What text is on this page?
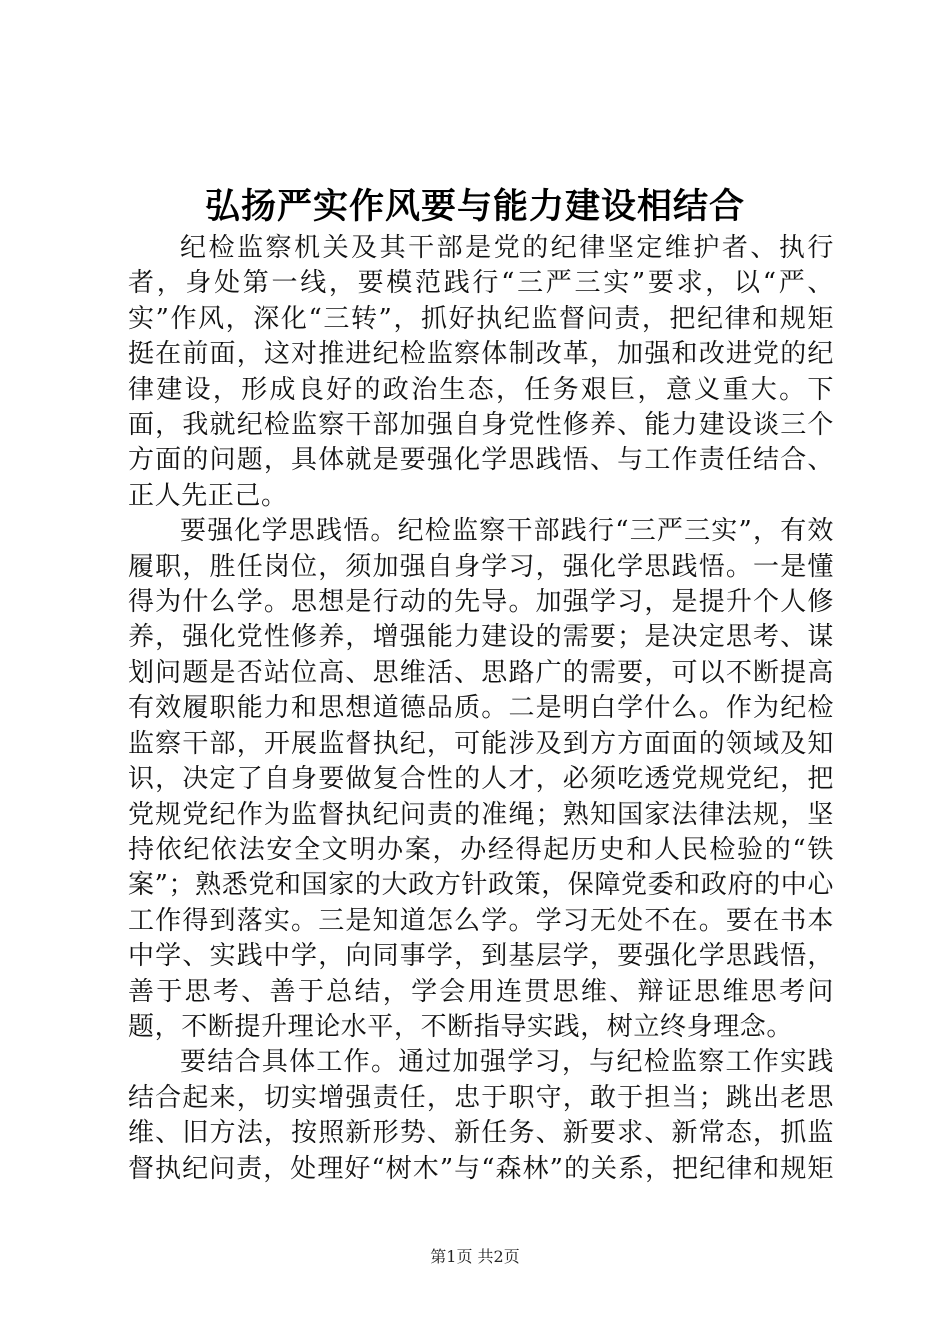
弘扬严实作风要与能力建设相结合

纪检监察机关及其干部是党的纪律坚定维护者、执行者，身处第一线，要模范践行“三严三实”要求，以“严、实”作风，深化“三转”，抓好执纪监督问责，把纪律和规矩挺在前面，这对推进纪检监察体制改革，加强和改进党的纪律建设，形成良好的政治生态，任务艰巨，意义重大。下面，我就纪检监察干部加强自身党性修养、能力建设谈三个方面的问题，具体就是要强化学思践悟、与工作责任结合、正人先正己。

要强化学思践悟。纪检监察干部践行“三严三实”，有效履职，胜任岗位，须加强自身学习，强化学思践悟。一是懂得为什么学。思想是行动的先导。加强学习，是提升个人修养，强化党性修养，增强能力建设的需要；是决定思考、谋划问题是否站位高、思维活、思路广的需要，可以不断提高有效履职能力和思想道德品质。二是明白学什么。作为纪检监察干部，开展监督执纪，可能涉及到方方面面的领域及知识，决定了自身要做复合性的人才，必须吃透党规党纪，把党规党纪作为监督执纪问责的准绳；熟知国家法律法规，坚持依纪依法安全文明办案，办经得起历史和人民检验的“铁案”；熟悉党和国家的大政方针政策，保障党委和政府的中心工作得到落实。三是知道怎么学。学习无处不在。要在书本中学、实践中学，向同事学，到基层学，要强化学思践悟，善于思考、善于总结，学会用连贯思维、辩证思维思考问题，不断提升理论水平，不断指导实践，树立终身理念。

要结合具体工作。通过加强学习，与纪检监察工作实践结合起来，切实增强责任，忠于职守，敢于担当；跳出老思维、旧方法，按照新形势、新任务、新要求、新常态，抓监督执纪问责，处理好“树木”与“森林”的关系，把纪律和规矩

第1页 共2页
